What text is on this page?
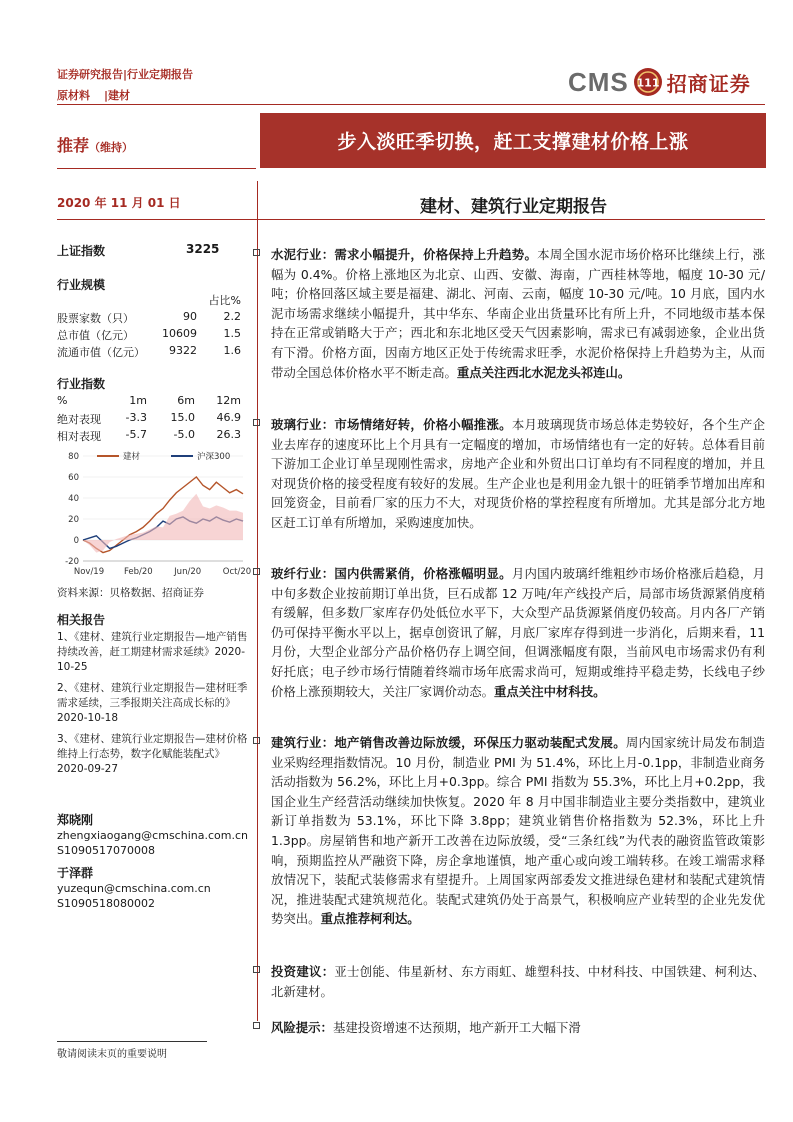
证券研究报告|行业定期报告
原材料 |建材	CMS 111 招商证券
推荐（维持）	步入淡旺季切换，赶工支撑建材价格上涨
2020 年 11 月 01 日	建材、建筑行业定期报告
上证指数	3225
行业规模
占比%
股票家数（只）	90 2.2
总市值（亿元）	10609 1.5
流通市值（亿元） 9322 1.6
行业指数
%	1m	6m 12m
绝对表现 -3.3 15.0 46.9
相对表现 -5.7 -5.0 26.3
80
60
40
20
0
-20
Nov/19 Feb/20	Jun/20	Oct/20
建材	沪深300
资料来源：贝格数据、招商证券
相关报告
1、《建材、建筑行业定期报告—地产销售持续改善，赶工期建材需求延续》2020-10-25
2、《建材、建筑行业定期报告—建材旺季需求延续，三季报期关注高成长标的》2020-10-18
3、《建材、建筑行业定期报告—建材价格维持上行态势，数字化赋能装配式》2020-09-27
郑晓刚
zhengxiaogang@cmschina.com.cn
S1090517070008
于泽群
yuzequn@cmschina.com.cn
S1090518080002
水泥行业：需求小幅提升，价格保持上升趋势。本周全国水泥市场价格环比继续上行，涨幅为 0.4%。价格上涨地区为北京、山西、安徽、海南，广西桂林等地，幅度 10-30 元/吨；价格回落区域主要是福建、湖北、河南、云南，幅度 10-30 元/吨。10 月底，国内水泥市场需求继续小幅提升，其中华东、华南企业出货量环比有所上升，不同地级市基本保持在正常或销略大于产；西北和东北地区受天气因素影响，需求已有减弱迹象，企业出货有下滑。价格方面，因南方地区正处于传统需求旺季，水泥价格保持上升趋势为主，从而带动全国总体价格水平不断走高。重点关注西北水泥龙头祁连山。
玻璃行业：市场情绪好转，价格小幅推涨。本月玻璃现货市场总体走势较好，各个生产企业去库存的速度环比上个月具有一定幅度的增加，市场情绪也有一定的好转。总体看目前下游加工企业订单呈现刚性需求，房地产企业和外贸出口订单均有不同程度的增加，并且对现货价格的接受程度有较好的发展。生产企业也是利用金九银十的旺销季节增加出库和回笼资金，目前看厂家的压力不大，对现货价格的掌控程度有所增加。尤其是部分北方地区赶工订单有所增加，采购速度加快。
玻纤行业：国内供需紧俏，价格涨幅明显。月内国内玻璃纤维粗纱市场价格涨后趋稳，月中旬多数企业按前期订单出货，巨石成都 12 万吨/年产线投产后，局部市场货源紧俏度稍有缓解，但多数厂家库存仍处低位水平下，大众型产品货源紧俏度仍较高。月内各厂产销仍可保持平衡水平以上，据卓创资讯了解，月底厂家库存得到进一步消化，后期来看，11 月份，大型企业部分产品价格仍存上调空间，但调涨幅度有限，当前风电市场需求仍有利好托底；电子纱市场行情随着终端市场年底需求尚可，短期或维持平稳走势，长线电子纱价格上涨预期较大，关注厂家调价动态。重点关注中材科技。
建筑行业：地产销售改善边际放缓，环保压力驱动装配式发展。周内国家统计局发布制造业采购经理指数情况。10 月份，制造业 PMI 为 51.4%，环比上月-0.1pp，非制造业商务活动指数为 56.2%，环比上月+0.3pp。综合 PMI 指数为 55.3%，环比上月+0.2pp，我国企业生产经营活动继续加快恢复。2020 年 8 月中国非制造业主要分类指数中，建筑业新订单指数为 53.1%，环比下降 3.8pp；建筑业销售价格指数为 52.3%，环比上升 1.3pp。房屋销售和地产新开工改善在边际放缓，受“三条红线”为代表的融资监管政策影响，预期监控从严融资下降，房企拿地谨慎，地产重心或向竣工端转移。在竣工端需求释放情况下，装配式装修需求有望提升。上周国家两部委发文推进绿色建材和装配式建筑情况，推进装配式建筑规范化。装配式建筑仍处于高景气，积极响应产业转型的企业先发优势突出。重点推荐柯利达。
投资建议：亚士创能、伟星新材、东方雨虹、雄塑科技、中材科技、中国铁建、柯利达、北新建材。
风险提示：基建投资增速不达预期，地产新开工大幅下滑
敬请阅读末页的重要说明
